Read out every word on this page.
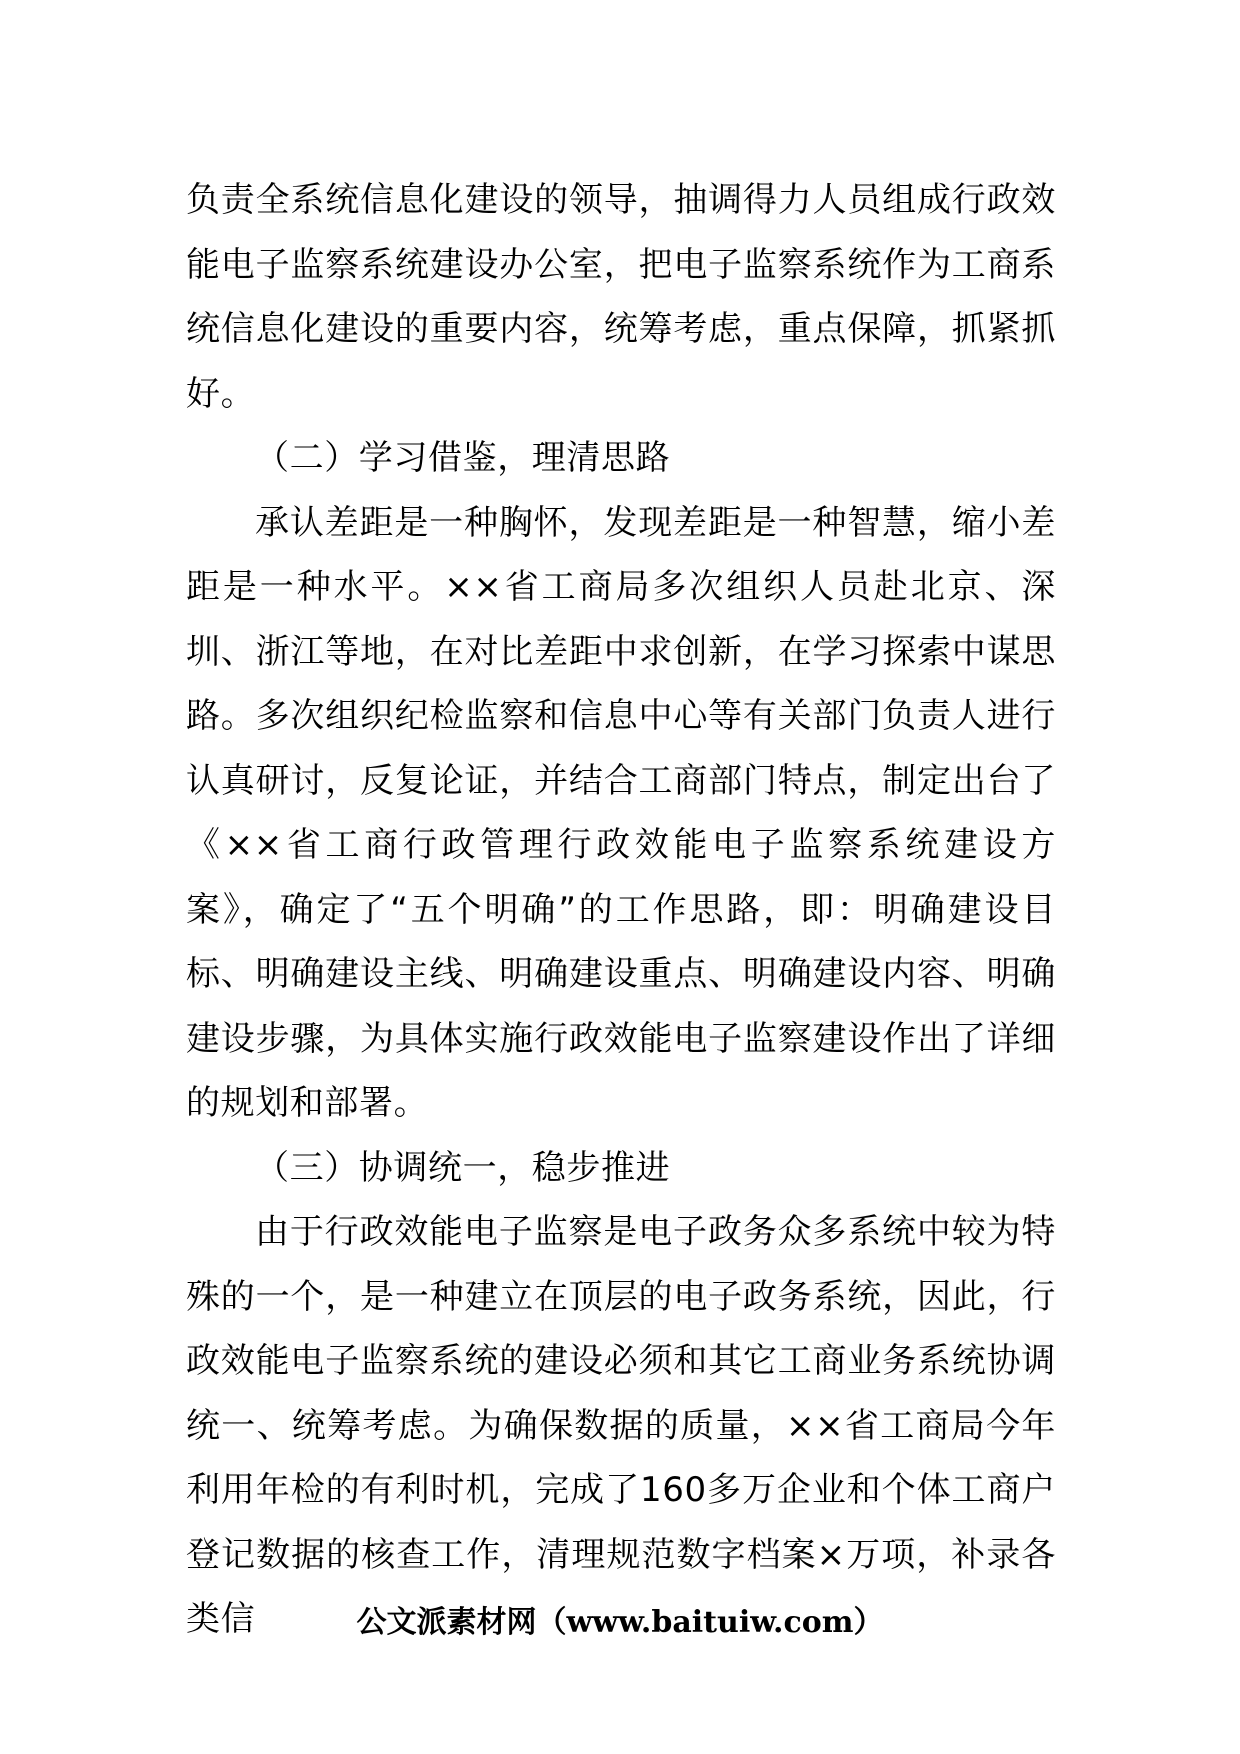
负责全系统信息化建设的领导，抽调得力人员组成行政效能电子监察系统建设办公室，把电子监察系统作为工商系统信息化建设的重要内容，统筹考虑，重点保障，抓紧抓好。

（二）学习借鉴，理清思路

承认差距是一种胸怀，发现差距是一种智慧，缩小差距是一种水平。××省工商局多次组织人员赴北京、深圳、浙江等地，在对比差距中求创新，在学习探索中谋思路。多次组织纪检监察和信息中心等有关部门负责人进行认真研讨，反复论证，并结合工商部门特点，制定出台了《××省工商行政管理行政效能电子监察系统建设方案》，确定了“五个明确”的工作思路，即：明确建设目标、明确建设主线、明确建设重点、明确建设内容、明确建设步骤，为具体实施行政效能电子监察建设作出了详细的规划和部署。

（三）协调统一，稳步推进

由于行政效能电子监察是电子政务众多系统中较为特殊的一个，是一种建立在顶层的电子政务系统，因此，行政效能电子监察系统的建设必须和其它工商业务系统协调统一、统筹考虑。为确保数据的质量，××省工商局今年利用年检的有利时机，完成了160多万企业和个体工商户登记数据的核查工作，清理规范数字档案×万项，补录各类信	公文派素材网（www.baituiw.com）
